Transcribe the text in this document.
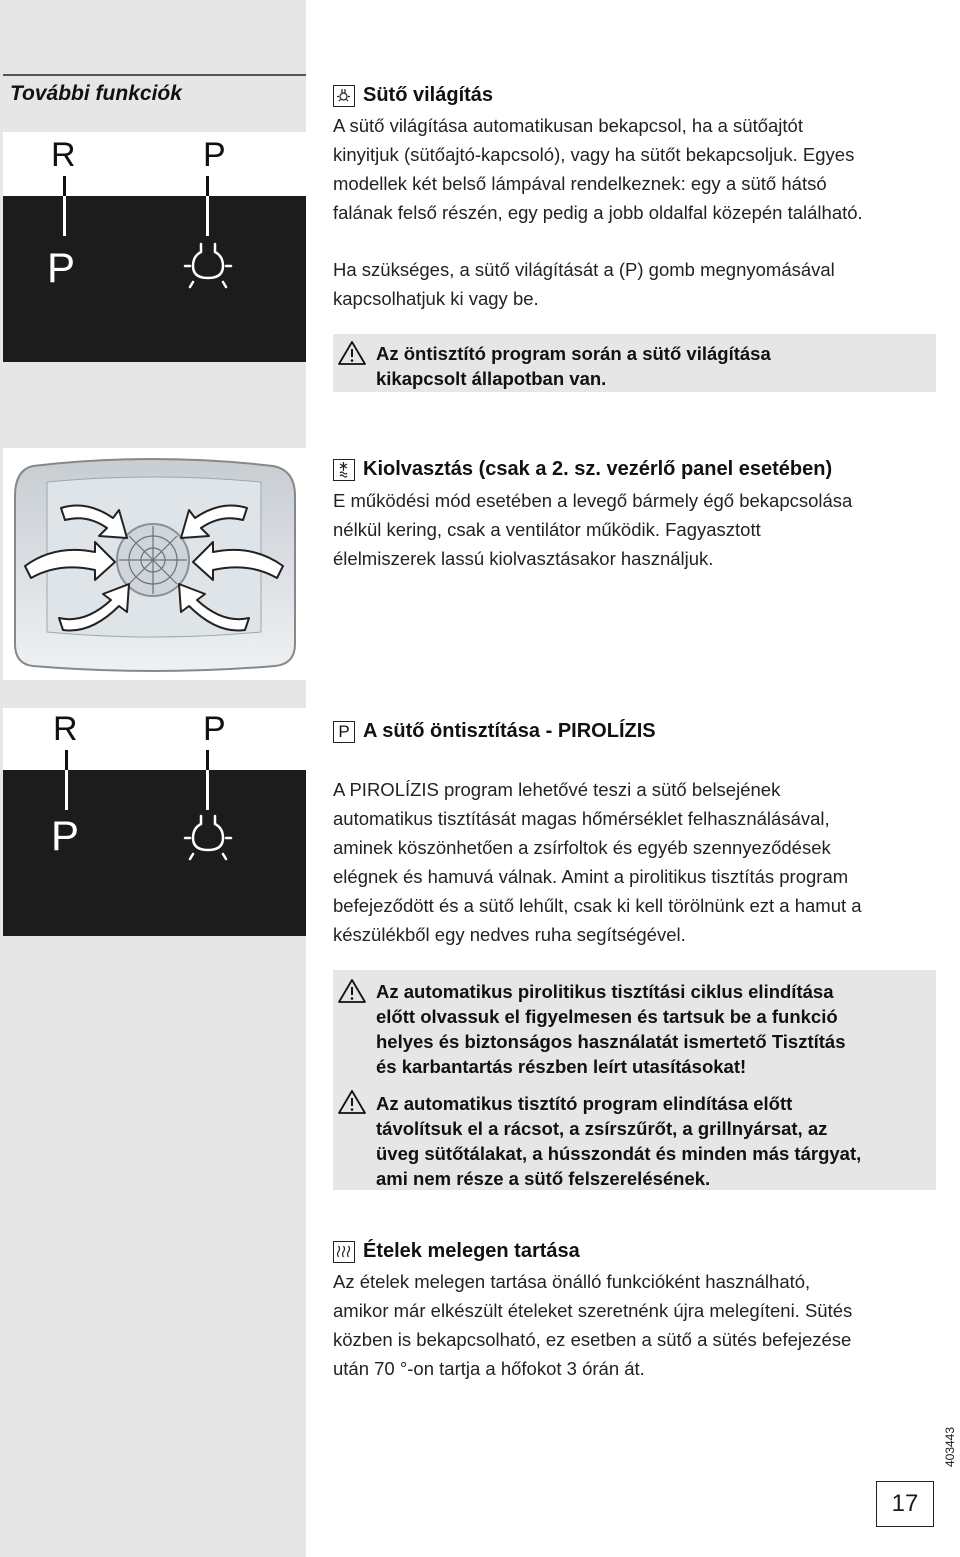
További funkciók
R	P
P
R	P
P
Sütő világítás
A sütő világítása automatikusan bekapcsol, ha a sütőajtót
kinyitjuk (sütőajtó-kapcsoló), vagy ha sütőt bekapcsoljuk. Egyes
modellek két belső lámpával rendelkeznek: egy a sütő hátsó
falának felső részén, egy pedig a jobb oldalfal közepén található.
Ha szükséges, a sütő világítását a (P) gomb megnyomásával
kapcsolhatjuk ki vagy be.
Az öntisztító program során a sütő világítása
kikapcsolt állapotban van.
Kiolvasztás (csak a 2. sz. vezérlő panel esetében)
E működési mód esetében a levegő bármely égő bekapcsolása
nélkül kering, csak a ventilátor működik. Fagyasztott
élelmiszerek lassú kiolvasztásakor használjuk.
P A sütő öntisztítása - PIROLÍZIS
A PIROLÍZIS program lehetővé teszi a sütő belsejének
automatikus tisztítását magas hőmérséklet felhasználásával,
aminek köszönhetően a zsírfoltok és egyéb szennyeződések
elégnek és hamuvá válnak. Amint a pirolitikus tisztítás program
befejeződött és a sütő lehűlt, csak ki kell törölnünk ezt a hamut a
készülékből egy nedves ruha segítségével.
Az automatikus pirolitikus tisztítási ciklus elindítása
előtt olvassuk el figyelmesen és tartsuk be a funkció
helyes és biztonságos használatát ismertető Tisztítás
és karbantartás részben leírt utasításokat!
Az automatikus tisztító program elindítása előtt
távolítsuk el a rácsot, a zsírszűrőt, a grillnyársat, az
üveg sütőtálakat, a hússzondát és minden más tárgyat,
ami nem része a sütő felszerelésének.
Ételek melegen tartása
Az ételek melegen tartása önálló funkcióként használható,
amikor már elkészült ételeket szeretnénk újra melegíteni. Sütés
közben is bekapcsolható, ez esetben a sütő a sütés befejezése
után 70 °-on tartja a hőfokot 3 órán át.
403443
17
